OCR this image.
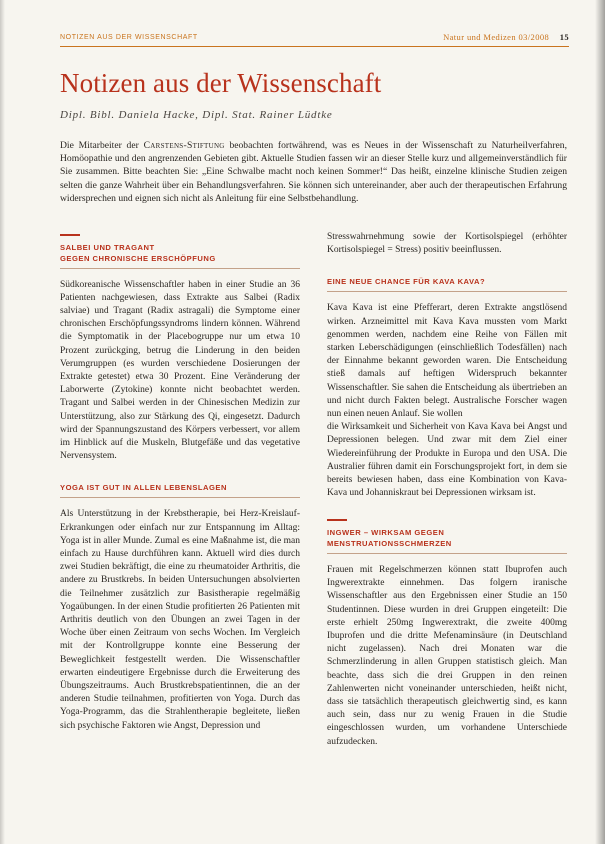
NOTIZEN AUS DER WISSENSCHAFT	Natur und Medizen 03/2008 15
Notizen aus der Wissenschaft
Dipl. Bibl. Daniela Hacke, Dipl. Stat. Rainer Lüdtke

Die Mitarbeiter der Carstens-Stiftung beobachten fortwährend, was es Neues in der Wissenschaft zu Naturheilverfahren, Homöopathie und den angrenzenden Gebieten gibt. Aktuelle Studien fassen wir an dieser Stelle kurz und allgemeinverständlich für Sie zusammen. Bitte beachten Sie: „Eine Schwalbe macht noch keinen Sommer!“ Das heißt, einzelne klinische Studien zeigen selten die ganze Wahrheit über ein Behandlungsverfahren. Sie können sich untereinander, aber auch der therapeutischen Erfahrung widersprechen und eignen sich nicht als Anleitung für eine Selbstbehandlung.

SALBEI UND TRAGANT
GEGEN CHRONISCHE ERSCHÖPFUNG

Südkoreanische Wissenschaftler haben in einer Studie an 36 Patienten nachgewiesen, dass Extrakte aus Salbei (Radix salviae) und Tragant (Radix astragali) die Symptome einer chronischen Erschöpfungssyndroms lindern können. Während die Symptomatik in der Placebogruppe nur um etwa 10 Prozent zurückging, betrug die Linderung in den beiden Verumgruppen (es wurden verschiedene Dosierungen der Extrakte getestet) etwa 30 Prozent. Eine Veränderung der Laborwerte (Zytokine) konnte nicht beobachtet werden. Tragant und Salbei werden in der Chinesischen Medizin zur Unterstützung, also zur Stärkung des Qi, eingesetzt. Dadurch wird der Spannungszustand des Körpers verbessert, vor allem im Hinblick auf die Muskeln, Blutgefäße und das vegetative Nervensystem.

YOGA IST GUT IN ALLEN LEBENSLAGEN

Als Unterstützung in der Krebstherapie, bei Herz-Kreislauf-Erkrankungen oder einfach nur zur Entspannung im Alltag: Yoga ist in aller Munde. Zumal es eine Maßnahme ist, die man einfach zu Hause durchführen kann. Aktuell wird dies durch zwei Studien bekräftigt, die eine zu rheumatoider Arthritis, die andere zu Brustkrebs. In beiden Untersuchungen absolvierten die Teilnehmer zusätzlich zur Basistherapie regelmäßig Yogaübungen. In der einen Studie profitierten 26 Patienten mit Arthritis deutlich von den Übungen an zwei Tagen in der Woche über einen Zeitraum von sechs Wochen. Im Vergleich mit der Kontrollgruppe konnte eine Besserung der Beweglichkeit festgestellt werden. Die Wissenschaftler erwarten eindeutigere Ergebnisse durch die Erweiterung des Übungszeitraums. Auch Brustkrebspatientinnen, die an der anderen Studie teilnahmen, profitierten von Yoga. Durch das Yoga-Programm, das die Strahlentherapie begleitete, ließen sich psychische Faktoren wie Angst, Depression und

Stresswahrnehmung sowie der Kortisolspiegel (erhöhter Kortisolspiegel = Stress) positiv beeinflussen.

EINE NEUE CHANCE FÜR KAVA KAVA?

Kava Kava ist eine Pfefferart, deren Extrakte angstlösend wirken. Arzneimittel mit Kava Kava mussten vom Markt genommen werden, nachdem eine Reihe von Fällen mit starken Leberschädigungen (einschließlich Todesfällen) nach der Einnahme bekannt geworden waren. Die Entscheidung stieß damals auf heftigen Widerspruch bekannter Wissenschaftler. Sie sahen die Entscheidung als übertrieben an und nicht durch Fakten belegt. Australische Forscher wagen nun einen neuen Anlauf. Sie wollen

die Wirksamkeit und Sicherheit von Kava Kava bei Angst und Depressionen belegen. Und zwar mit dem Ziel einer Wiedereinführung der Produkte in Europa und den USA. Die Australier führen damit ein Forschungsprojekt fort, in dem sie bereits bewiesen haben, dass eine Kombination von Kava-Kava und Johanniskraut bei Depressionen wirksam ist.

INGWER – WIRKSAM GEGEN
MENSTRUATIONSSCHMERZEN

Frauen mit Regelschmerzen können statt Ibuprofen auch Ingwerextrakte einnehmen. Das folgern iranische Wissenschaftler aus den Ergebnissen einer Studie an 150 Studentinnen. Diese wurden in drei Gruppen eingeteilt: Die erste erhielt 250mg Ingwerextrakt, die zweite 400mg Ibuprofen und die dritte Mefenaminsäure (in Deutschland nicht zugelassen). Nach drei Monaten war die Schmerzlinderung in allen Gruppen statistisch gleich. Man beachte, dass sich die drei Gruppen in den reinen Zahlenwerten nicht voneinander unterschieden, heißt nicht, dass sie tatsächlich therapeutisch gleichwertig sind, es kann auch sein, dass nur zu wenig Frauen in die Studie eingeschlossen wurden, um vorhandene Unterschiede aufzudecken.
